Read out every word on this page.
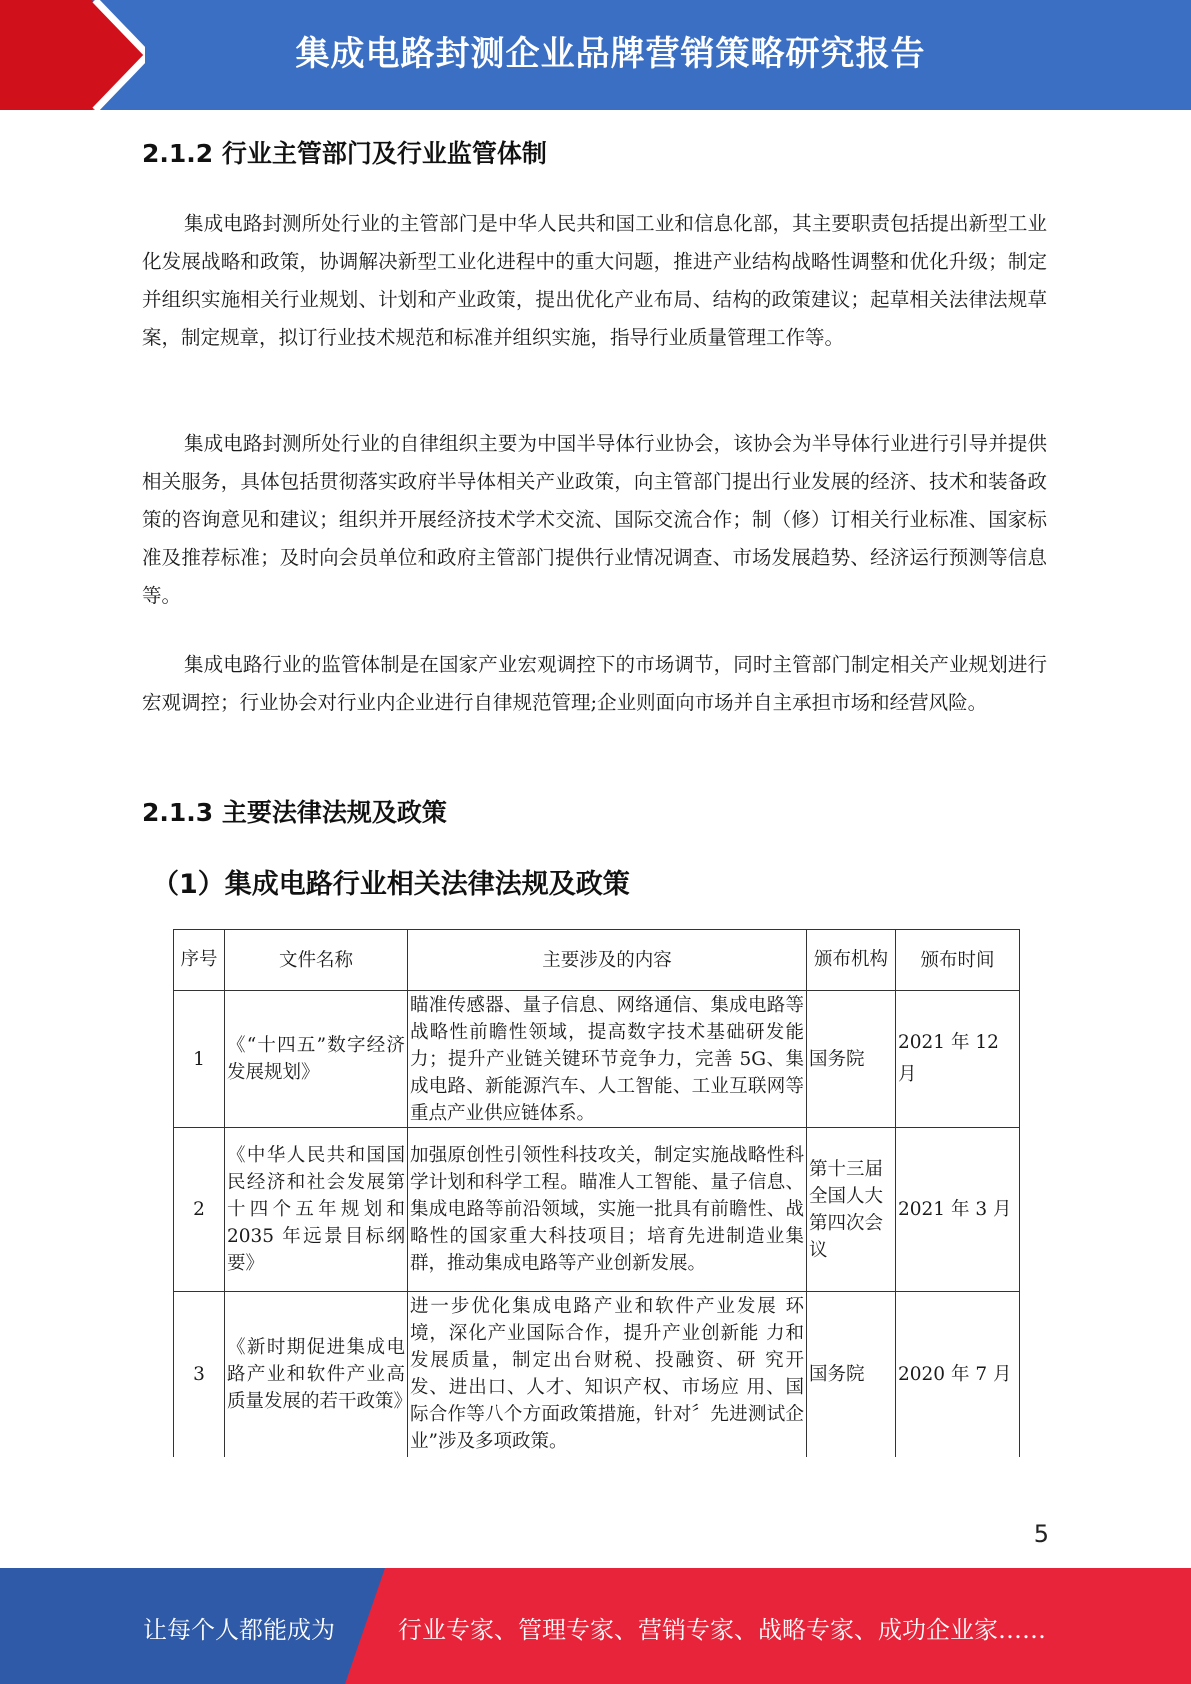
集成电路封测企业品牌营销策略研究报告
2.1.2 行业主管部门及行业监管体制
集成电路封测所处行业的主管部门是中华人民共和国工业和信息化部，其主要职责包括提出新型工业化发展战略和政策，协调解决新型工业化进程中的重大问题，推进产业结构战略性调整和优化升级；制定并组织实施相关行业规划、计划和产业政策，提出优化产业布局、结构的政策建议；起草相关法律法规草案，制定规章，拟订行业技术规范和标准并组织实施，指导行业质量管理工作等。
集成电路封测所处行业的自律组织主要为中国半导体行业协会，该协会为半导体行业进行引导并提供相关服务，具体包括贯彻落实政府半导体相关产业政策，向主管部门提出行业发展的经济、技术和装备政策的咨询意见和建议；组织并开展经济技术学术交流、国际交流合作；制（修）订相关行业标准、国家标准及推荐标准；及时向会员单位和政府主管部门提供行业情况调查、市场发展趋势、经济运行预测等信息等。
集成电路行业的监管体制是在国家产业宏观调控下的市场调节，同时主管部门制定相关产业规划进行宏观调控；行业协会对行业内企业进行自律规范管理;企业则面向市场并自主承担市场和经营风险。
2.1.3 主要法律法规及政策
（1）集成电路行业相关法律法规及政策
序号	文件名称	主要涉及的内容	颁布机构	颁布时间
1	《“十四五”数字经济发展规划》	瞄准传感器、量子信息、网络通信、集成电路等战略性前瞻性领域，提高数字技术基础研发能力；提升产业链关键环节竞争力，完善 5G、集成电路、新能源汽车、人工智能、工业互联网等重点产业供应链体系。	国务院	2021 年 12 月
2	《中华人民共和国国民经济和社会发展第十四个五年规划和 2035 年远景目标纲要》	加强原创性引领性科技攻关，制定实施战略性科学计划和科学工程。瞄准人工智能、量子信息、集成电路等前沿领域，实施一批具有前瞻性、战略性的国家重大科技项目；培育先进制造业集群，推动集成电路等产业创新发展。	第十三届全国人大第四次会议	2021 年 3 月
3	《新时期促进集成电路产业和软件产业高质量发展的若干政策》	进一步优化集成电路产业和软件产业发展 环境，深化产业国际合作，提升产业创新能 力和发展质量，制定出台财税、投融资、研 究开发、进出口、人才、知识产权、市场应 用、国际合作等八个方面政策措施，针对〞先进测试企业”涉及多项政策。	国务院	2020 年 7 月
5
让每个人都能成为	行业专家、管理专家、营销专家、战略专家、成功企业家……
